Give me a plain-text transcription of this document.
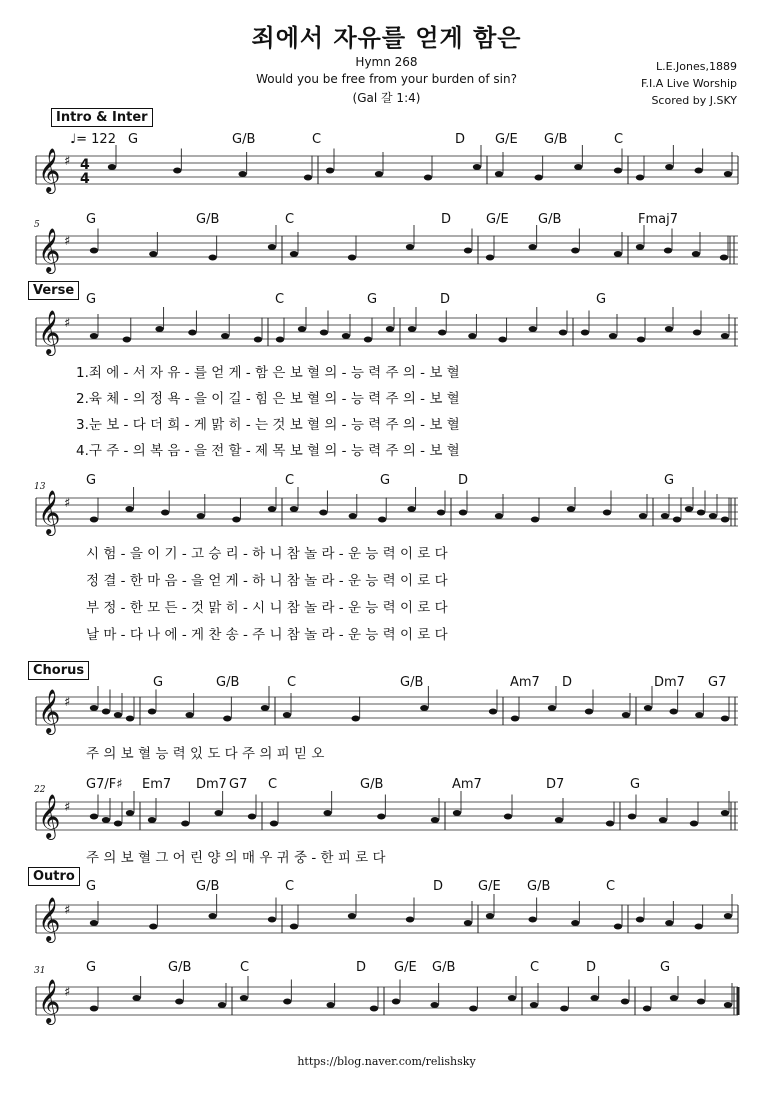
죄에서 자유를 얻게 함은
Hymn 268
Would you be free from your burden of sin?
(Gal 갈 1:4)
L.E.Jones,1889
F.I.A Live Worship
Scored by J.SKY
𝄞 ♯ 4
4
𝄞 ♯
𝄞 ♯
𝄞 ♯
𝄞 ♯
𝄞 ♯
𝄞 ♯
𝄞 ♯
Intro & Inter
Verse
Chorus
Outro
♩= 122
5
13
22
31
G	G/B	C	D G/E G/B	C
G	G/B	C	D	G/E G/B	Fmaj7
G	C	G	D	G
G	C	G	D	G
G	G/B	C	G/B	Am7 D	Dm7 G7
G7/F♯ Em7 Dm7 G7 C	G/B	Am7	D7	G
G	G/B	C	D	G/E G/B	C
G	G/B	C	D G/E G/B	C	D	G
1.죄 에 - 서 자 유 - 를 얻 게 - 함 은 보 혈 의 - 능 력 주 의 - 보 혈
2.육 체 - 의 정 욕 - 을 이 길 - 힘 은 보 혈 의 - 능 력 주 의 - 보 혈
3.눈 보 - 다 더 희 - 게 맑 히 - 는 것 보 혈 의 - 능 력 주 의 - 보 혈
4.구 주 - 의 복 음 - 을 전 할 - 제 목 보 혈 의 - 능 력 주 의 - 보 혈
시 험 - 을 이 기 - 고 승 리 - 하 니 참 놀 라 - 운 능 력 이 로 다
정 결 - 한 마 음 - 을 얻 게 - 하 니 참 놀 라 - 운 능 력 이 로 다
부 정 - 한 모 든 - 것 맑 히 - 시 니 참 놀 라 - 운 능 력 이 로 다
날 마 - 다 나 에 - 게 찬 송 - 주 니 참 놀 라 - 운 능 력 이 로 다
주 의 보 혈 능 력 있 도 다 주 의 피 믿 오
주 의 보 혈 그 어 린 양 의 매 우 귀 중 - 한 피 로 다
https://blog.naver.com/relishsky
